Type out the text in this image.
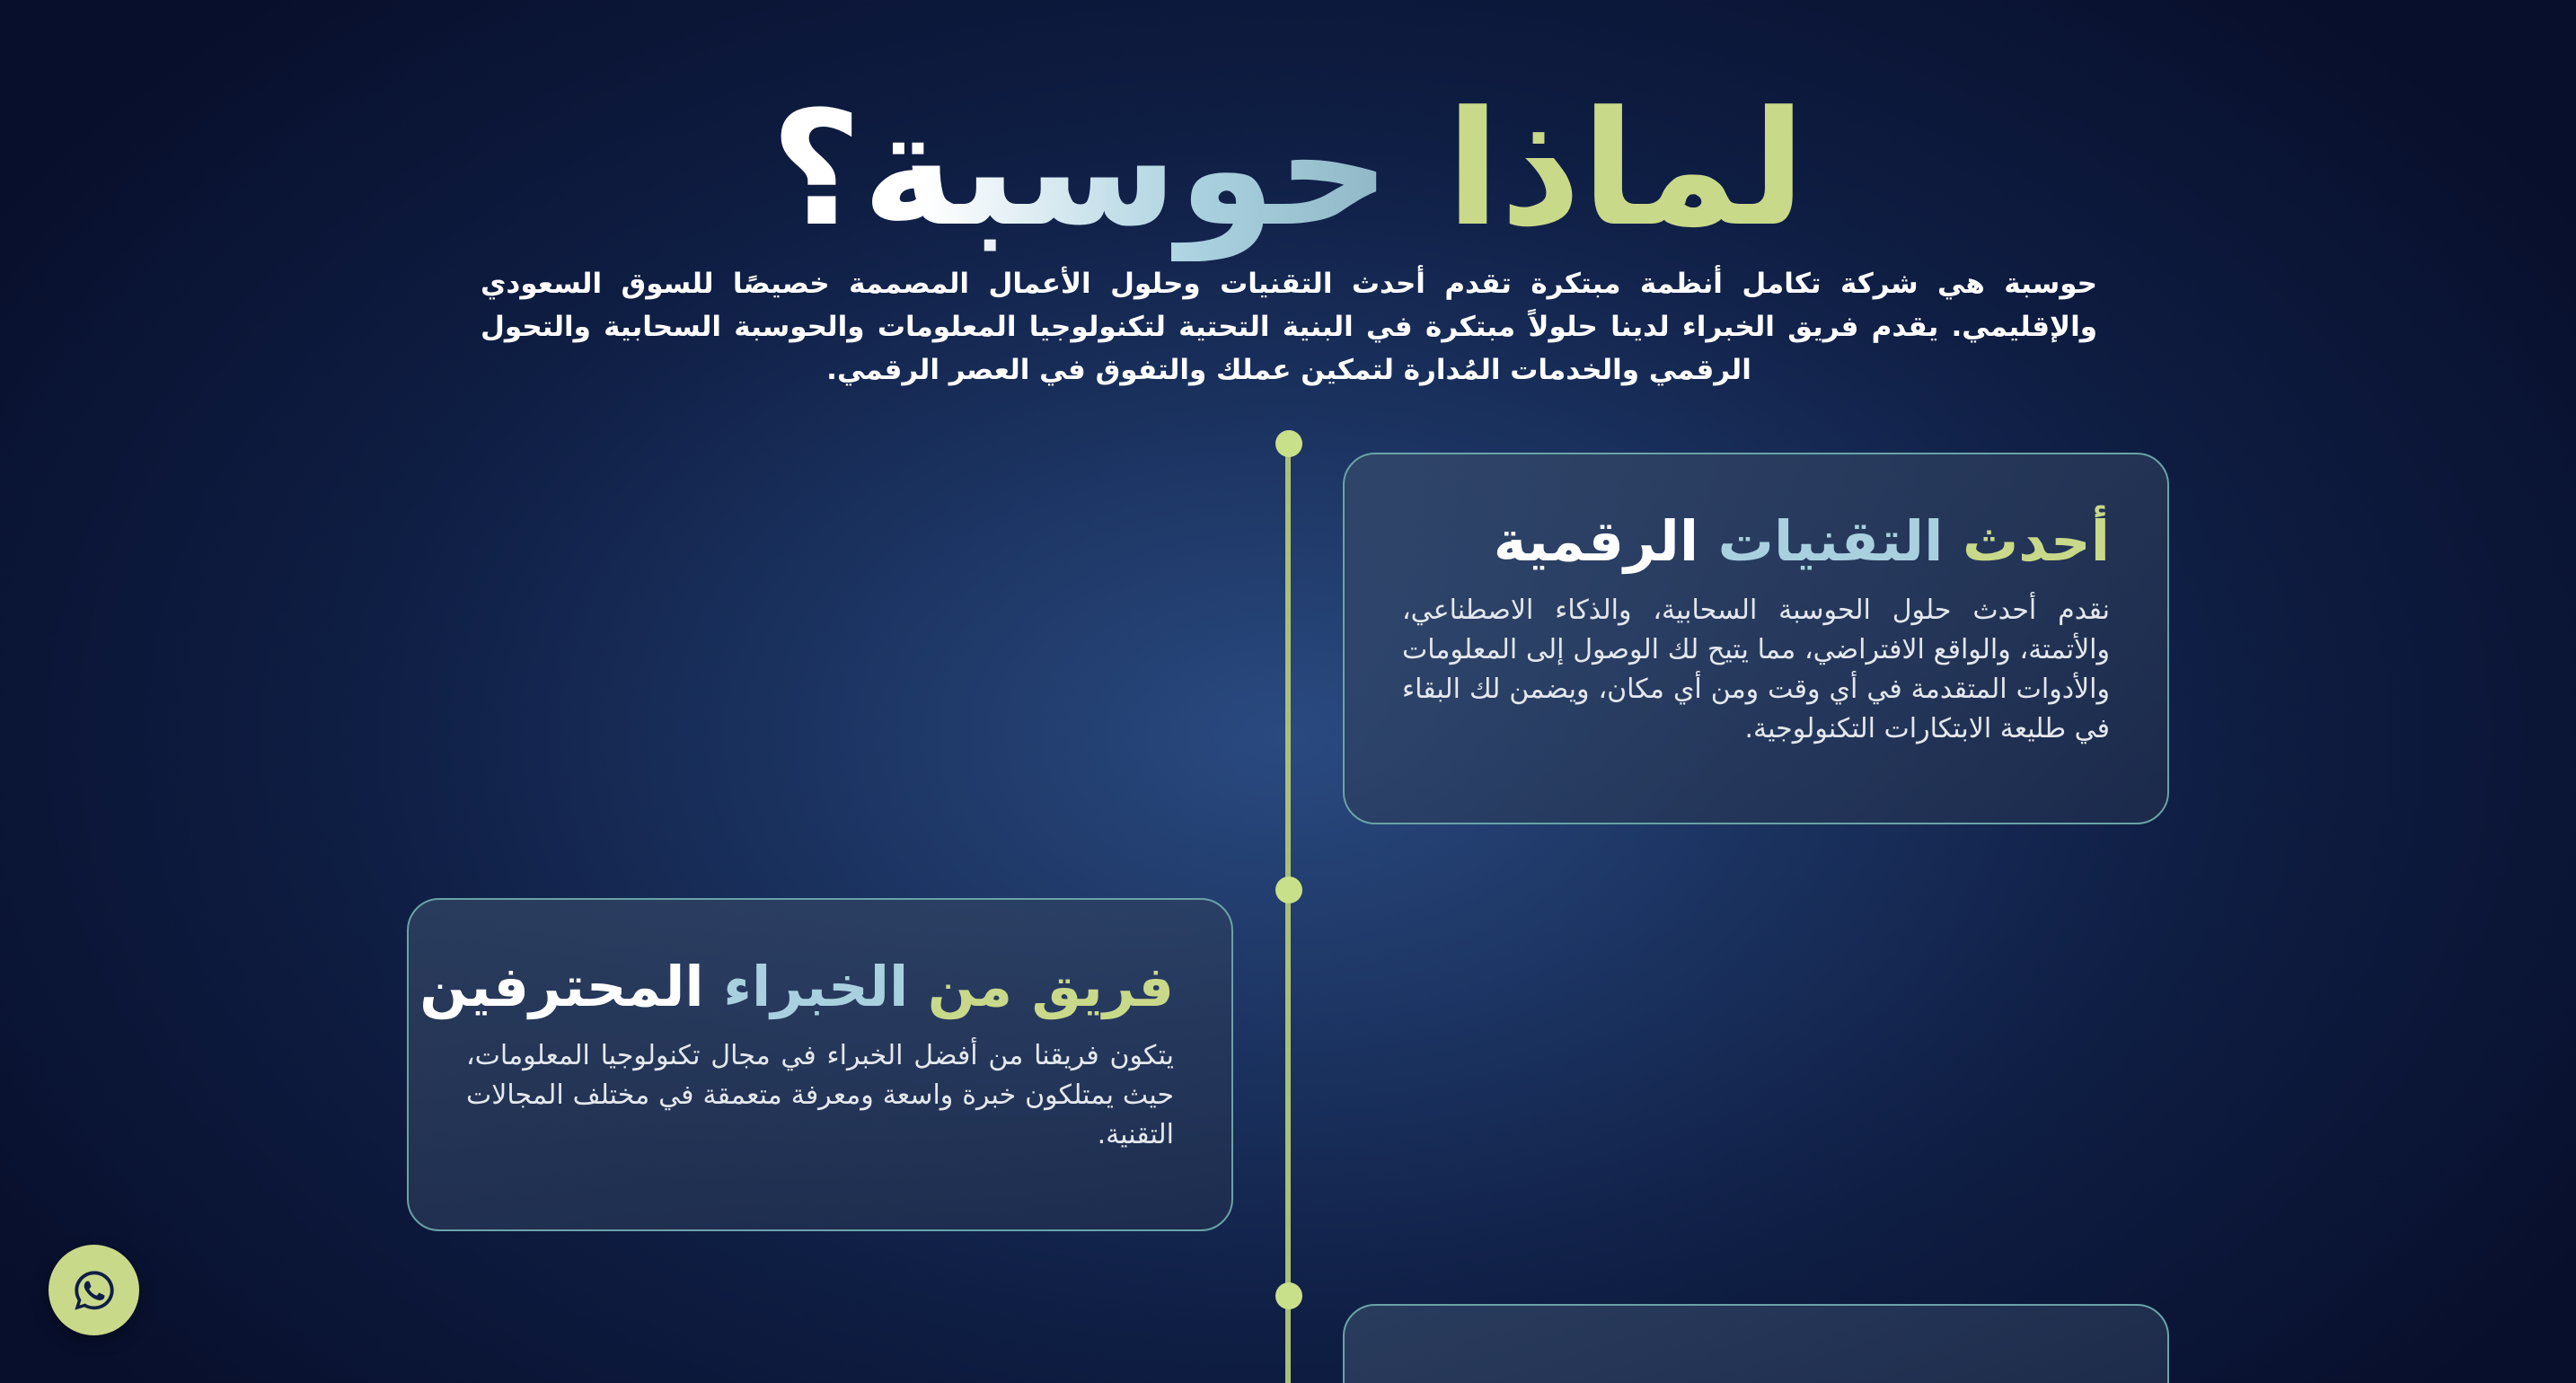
لماذا حوسبة؟

حوسبة هي شركة تكامل أنظمة مبتكرة تقدم أحدث التقنيات وحلول الأعمال المصممة خصيصًا للسوق السعودي والإقليمي. يقدم فريق الخبراء لدينا حلولاً مبتكرة في البنية التحتية لتكنولوجيا المعلومات والحوسبة السحابية والتحول الرقمي والخدمات المُدارة لتمكين عملك والتفوق في العصر الرقمي.

أحدث التقنيات الرقمية

نقدم أحدث حلول الحوسبة السحابية، والذكاء الاصطناعي، والأتمتة، والواقع الافتراضي، مما يتيح لك الوصول إلى المعلومات والأدوات المتقدمة في أي وقت ومن أي مكان، ويضمن لك البقاء في طليعة الابتكارات التكنولوجية.

فريق من الخبراء المحترفين

يتكون فريقنا من أفضل الخبراء في مجال تكنولوجيا المعلومات، حيث يمتلكون خبرة واسعة ومعرفة متعمقة في مختلف المجالات التقنية.
